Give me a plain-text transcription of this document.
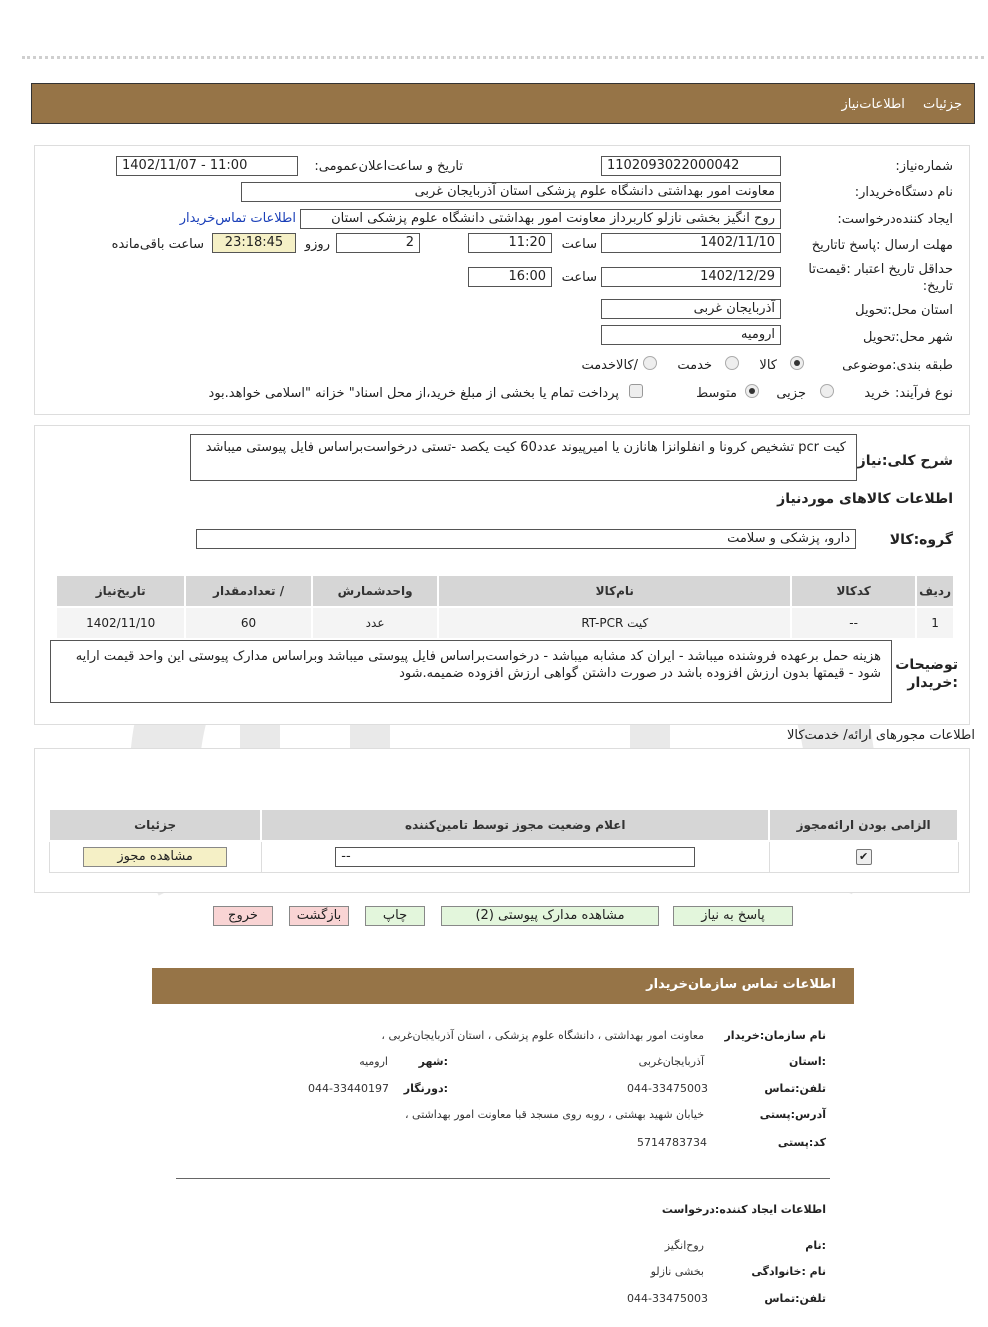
جزئیات اطلاعات‌نیاز
شماره‌نیاز:
1102093022000042
تاریخ و ساعت‌اعلان‌عمومی:
1402/11/07 - 11:00
نام دستگاه‌خریدار:
معاونت امور بهداشتی دانشگاه علوم پزشکی استان آذربایجان غربی
ایجاد کننده‌درخواست:
روح انگیز بخشی نازلو کاربرداز معاونت امور بهداشتی دانشگاه علوم پزشکی استان
اطلاعات تماس‌خریدار
مهلت ارسال :پاسخ تا‌تاریخ
1402/11/10
ساعت
11:20
2
روزو
23:18:45
ساعت باقی‌مانده
حداقل تاریخ اعتبار :قیمت‌تا
تاریخ:
1402/12/29
ساعت
16:00
استان محل:تحویل
آذربایجان غربی
شهر محل:تحویل
ارومیه
طبقه بندی:موضوعی
کالا
خدمت
/کالاخدمت
نوع فرآیند:
خرید
جزیی
متوسط
پرداخت تمام یا بخشی از مبلغ خرید،از محل اسناد" خزانه "اسلامی خواهد.بود
شرح کلی:نیاز
کیت pcr تشخیص کرونا و انفلوانزا هانازن یا امیرپیوند عدد60 کیت یکصد -تستی درخواست‌براساس فایل پیوستی میباشد
اطلاعات کالاهای موردنیاز
گروه:کالا
دارو، پزشکی و سلامت
ردیف	کدکالا	نام‌کالا	واحدشمارش	/ تعدادمقدار	تاریخ‌نیاز
1	--	کیت RT-PCR	عدد	60	1402/11/10
توضیحات
:خریدار
هزینه حمل برعهده فروشنده میباشد - ایران کد مشابه میباشد - درخواست‌براساس فایل پیوستی میباشد وبراساس مدارک پیوستی این واحد قیمت ارایه شود - قیمتها بدون ارزش افزوده باشد در صورت داشتن گواهی ارزش افزوده ضمیمه.شود
اطلاعات مجورهای ارائه/ خدمت‌کالا
الزامی بودن ارائه‌مجوز	اعلام وضعیت مجوز توسط تامین‌کننده	جزئیات
✔	--	مشاهده مجوز
پاسخ به نیاز
مشاهده مدارک پیوستی (2)
چاپ
بازگشت
خروج
اطلاعات تماس سازمان‌خریدار
نام سازمان:خریدار
معاونت امور بهداشتی ، دانشگاه علوم پزشکی ، استان آذربایجان‌غربی ،
:استان
آذربایجان‌غربی
:شهر
ارومیه
تلفن:تماس
044-33475003
:دورنگار
044-33440197
آدرس:پستی
خیابان شهید بهشتی ، روبه روی مسجد قبا معاونت امور بهداشتی ،
کد:پستی
5714783734
اطلاعات ایجاد کننده:درخواست
:نام
روح‌انگیز
نام :خانوادگی
بخشی نازلو
تلفن:تماس
044-33475003
